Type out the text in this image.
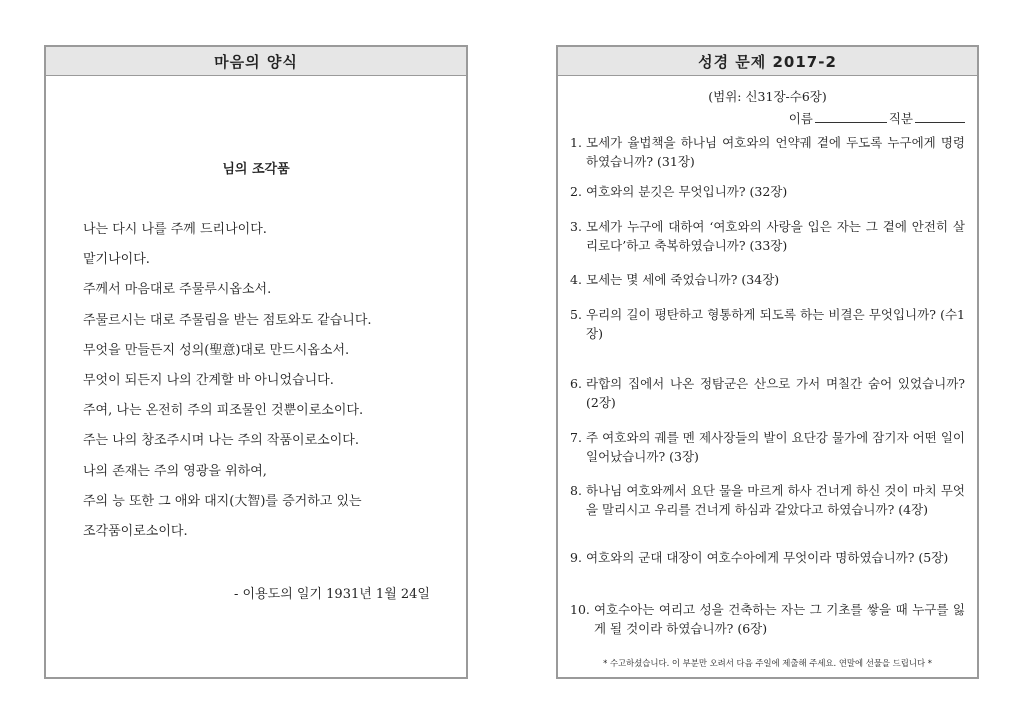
마음의 양식
님의 조각품
나는 다시 나를 주께 드리나이다.
맡기나이다.
주께서 마음대로 주물루시옵소서.
주물르시는 대로 주물림을 받는 점토와도 같습니다.
무엇을 만들든지 성의(聖意)대로 만드시옵소서.
무엇이 되든지 나의 간계할 바 아니었습니다.
주여, 나는 온전히 주의 피조물인 것뿐이로소이다.
주는 나의 창조주시며 나는 주의 작품이로소이다.
나의 존재는 주의 영광을 위하여,
주의 능 또한 그 애와 대지(大智)를 증거하고 있는
조각품이로소이다.
- 이용도의 일기 1931년 1월 24일
성경 문제 2017-2
(범위: 신31장-수6장)
이름	직분
1. 모세가 율법책을 하나님 여호와의 언약궤 곁에 두도록 누구에게 명령하였습니까? (31장)
2. 여호와의 분깃은 무엇입니까? (32장)
3. 모세가 누구에 대하여 ‘여호와의 사랑을 입은 자는 그 곁에 안전히 살리로다’하고 축복하였습니까? (33장)
4. 모세는 몇 세에 죽었습니까? (34장)
5. 우리의 길이 평탄하고 형통하게 되도록 하는 비결은 무엇입니까? (수1장)
6. 라합의 집에서 나온 정탐군은 산으로 가서 며칠간 숨어 있었습니까? (2장)
7. 주 여호와의 궤를 멘 제사장들의 발이 요단강 물가에 잠기자 어떤 일이 일어났습니까? (3장)
8. 하나님 여호와께서 요단 물을 마르게 하사 건너게 하신 것이 마치 무엇을 말리시고 우리를 건너게 하심과 같았다고 하였습니까? (4장)
9. 여호와의 군대 대장이 여호수아에게 무엇이라 명하였습니까? (5장)
10. 여호수아는 여리고 성을 건축하는 자는 그 기초를 쌓을 때 누구를 잃게 될 것이라 하였습니까? (6장)
* 수고하셨습니다. 이 부분만 오려서 다음 주일에 제출해 주세요. 연말에 선물을 드립니다 *
